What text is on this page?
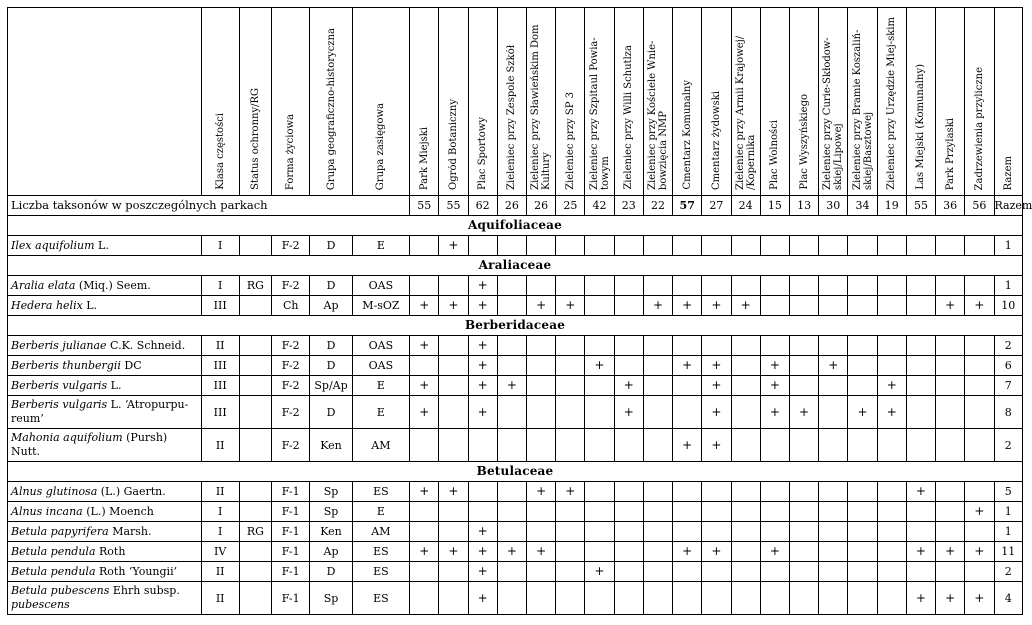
	Klasa częstości	Status ochronny/RG	Forma życiowa	Grupa geograficzno-historyczna	Grupa zasięgowa	Park Miejski	Ogród Botaniczny	Plac Sportowy	Zieleniec przy Zespole Szkół	Zieleniec przy Sławieńskim Dom Kultury	Zieleniec przy SP 3	Zieleniec przy Szpitaul Powia-towym	Zieleniec przy Willi Schutlza	Zieleniec przy Kościele Wnie-bowzięcia NMP	Cmentarz Komunalny	Cmentarz żydowski	Zieleniec przy Armii Krajowej/ /Kopernika	Plac Wolności	Plac Wyszyńskiego	Zieleniec przy Curie-Skłodow-skiej/Lipowej	Zieleniec przy Bramie Koszaliń-skiej/Basztowej	Zieleniec przy Urzędzie Miej-skim	Las Miejski (Komunalny)	Park Przylaski	Zadrzewienia przyliczne	Razem
Liczba taksonów w poszczególnych parkach						55	55	62	26	26	25	42	23	22	57	27	24	15	13	30	34	19	55	36	56	Razem
Aquifoliaceae																										
Ilex aquifolium L.	I		F-2	D	E		+																			1
Araliaceae																										
Aralia elata (Miq.) Seem.	I	RG	F-2	D	OAS			+																		1
Hedera helix L.	III		Ch	Ap	M-sOZ	+	+	+		+	+			+	+	+	+							+	+	10
Berberidaceae																										
Berberis julianae C.K. Schneid.	II		F-2	D	OAS	+		+																		2
Berberis thunbergii DC	III		F-2	D	OAS			+				+			+	+		+		+						6
Berberis vulgaris L.	III		F-2	Sp/Ap	E	+		+	+				+			+		+				+				7
Berberis vulgaris L. ‘Atropurpu-reum’	III		F-2	D	E	+		+					+			+		+	+		+	+				8
Mahonia aquifolium (Pursh) Nutt.	II		F-2	Ken	AM										+	+										2
Betulaceae																										
Alnus glutinosa (L.) Gaertn.	II		F-1	Sp	ES	+	+			+	+												+			5
Alnus incana (L.) Moench	I		F-1	Sp	E																				+	1
Betula papyrifera Marsh.	I	RG	F-1	Ken	AM			+																		1
Betula pendula Roth	IV		F-1	Ap	ES	+	+	+	+	+					+	+		+					+	+	+	11
Betula pendula Roth ‘Youngii’	II		F-1	D	ES			+				+														2
Betula pubescens Ehrh subsp. pubescens	II		F-1	Sp	ES			+															+	+	+	4
